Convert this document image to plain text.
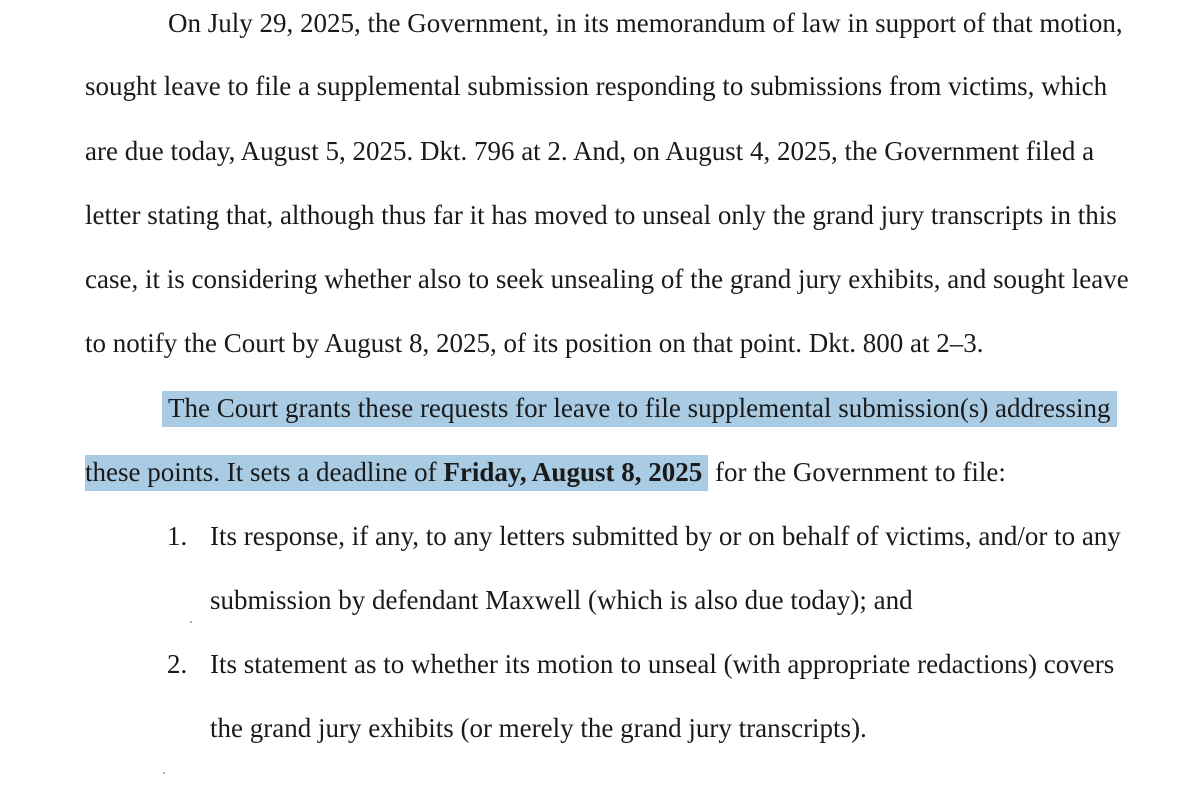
On July 29, 2025, the Government, in its memorandum of law in support of that motion,
sought leave to file a supplemental submission responding to submissions from victims, which
are due today, August 5, 2025. Dkt. 796 at 2. And, on August 4, 2025, the Government filed a
letter stating that, although thus far it has moved to unseal only the grand jury transcripts in this
case, it is considering whether also to seek unsealing of the grand jury exhibits, and sought leave
to notify the Court by August 8, 2025, of its position on that point. Dkt. 800 at 2–3.
The Court grants these requests for leave to file supplemental submission(s) addressing
these points. It sets a deadline of Friday, August 8, 2025 for the Government to file:
1. Its response, if any, to any letters submitted by or on behalf of victims, and/or to any
submission by defendant Maxwell (which is also due today); and
2. Its statement as to whether its motion to unseal (with appropriate redactions) covers
the grand jury exhibits (or merely the grand jury transcripts).
